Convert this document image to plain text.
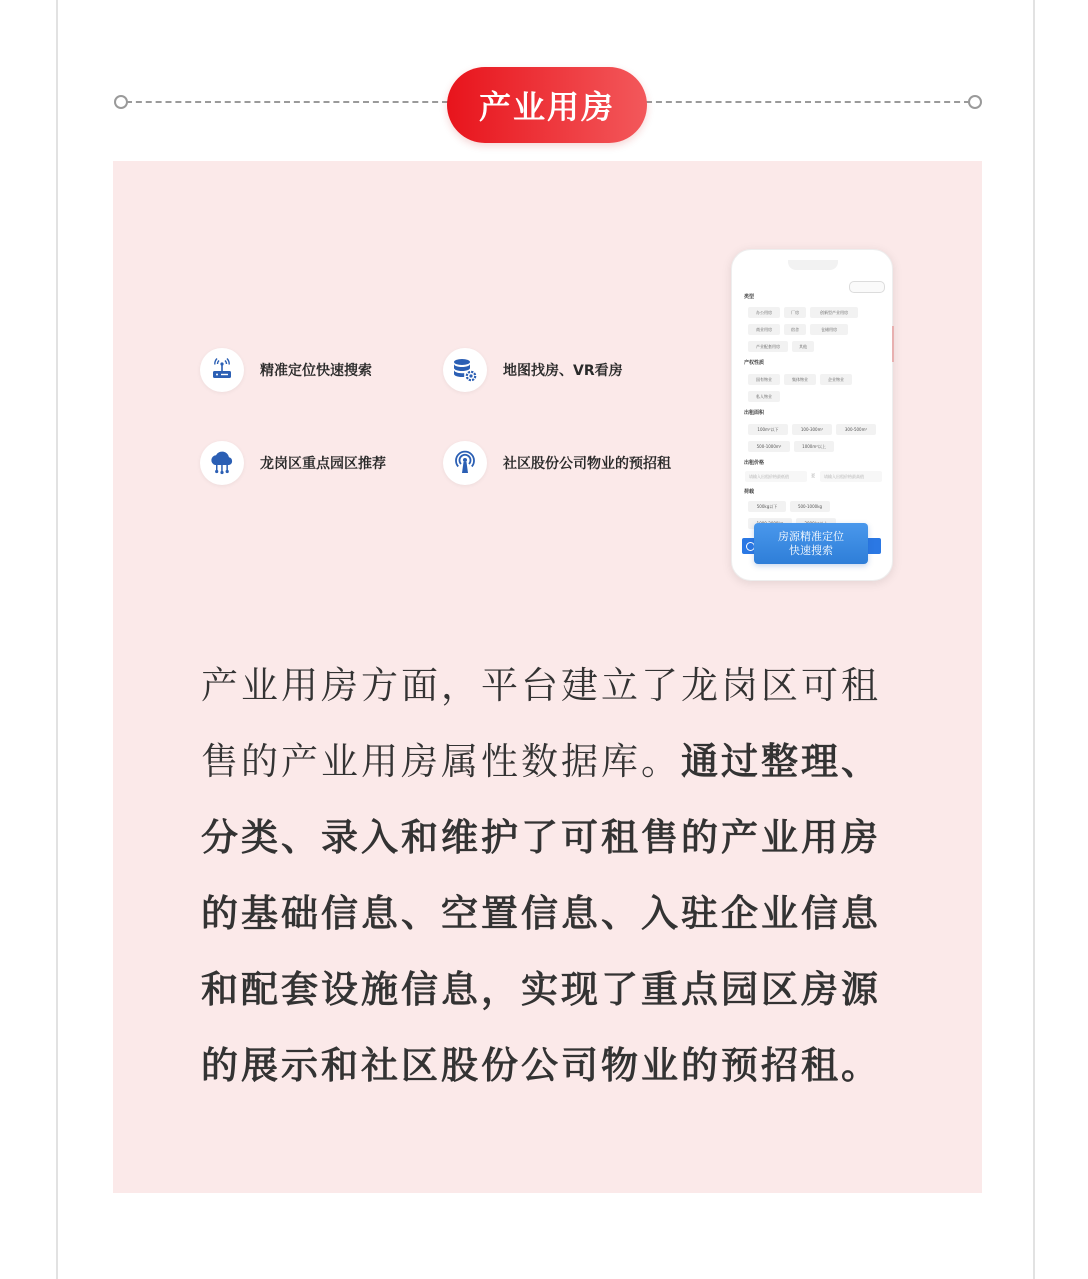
产业用房
精准定位快速搜索	地图找房、VR看房
龙岗区重点园区推荐	社区股份公司物业的预招租
类型
办公用房	厂房	创新型产业用房
商业用房	宿舍	仓储用房
产业配套用房	其他
产权性质
国有物业	集体物业	企业物业
私人物业
出租面积
100m²以下	100-300m²	300-500m²
500-1000m²	1000m²以上
出租价格
请输入出租价格最低值	至	请输入出租价格最高值
荷载
500kg以下	500-1000kg
房源精准定位
快速搜索
产业用房方面，平台建立了龙岗区可租售的产业用房属性数据库。通过整理、分类、录入和维护了可租售的产业用房的基础信息、空置信息、入驻企业信息和配套设施信息，实现了重点园区房源的展示和社区股份公司物业的预招租。
